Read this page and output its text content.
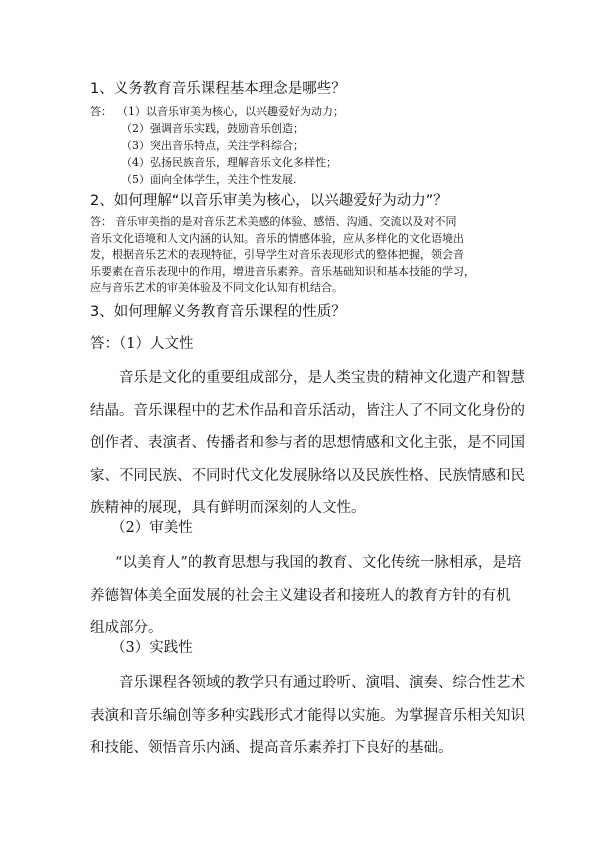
1、义务教育音乐课程基本理念是哪些？
答： （1）以音乐审美为核心，以兴趣爱好为动力；
（2）强调音乐实践，鼓励音乐创造；
（3）突出音乐特点，关注学科综合；
（4）弘扬民族音乐，理解音乐文化多样性；
（5）面向全体学生，关注个性发展.
2、如何理解“以音乐审美为核心，以兴趣爱好为动力”？
答： 音乐审美指的是对音乐艺术美感的体验、感悟、沟通、交流以及对不同
音乐文化语境和人文内涵的认知。音乐的情感体验，应从多样化的文化语境出
发，根据音乐艺术的表现特征，引导学生对音乐表现形式的整体把握，领会音
乐要素在音乐表现中的作用，增进音乐素养。音乐基础知识和基本技能的学习，
应与音乐艺术的审美体验及不同文化认知有机结合。
3、如何理解义务教育音乐课程的性质？
答：（1）人文性
音乐是文化的重要组成部分，是人类宝贵的精神文化遗产和智慧
结晶。音乐课程中的艺术作品和音乐活动，皆注人了不同文化身份的
创作者、表演者、传播者和参与者的思想情感和文化主张，是不同国
家、不同民族、不同时代文化发展脉络以及民族性格、民族情感和民
族精神的展现，具有鲜明而深刻的人文性。
（2）审美性
“以美育人”的教育思想与我国的教育、文化传统一脉相承，是培
养德智体美全面发展的社会主义建设者和接班人的教育方针的有机
组成部分。
（3）实践性
音乐课程各领域的教学只有通过聆听、演唱、演奏、综合性艺术
表演和音乐编创等多种实践形式才能得以实施。为掌握音乐相关知识
和技能、领悟音乐内涵、提高音乐素养打下良好的基础。
